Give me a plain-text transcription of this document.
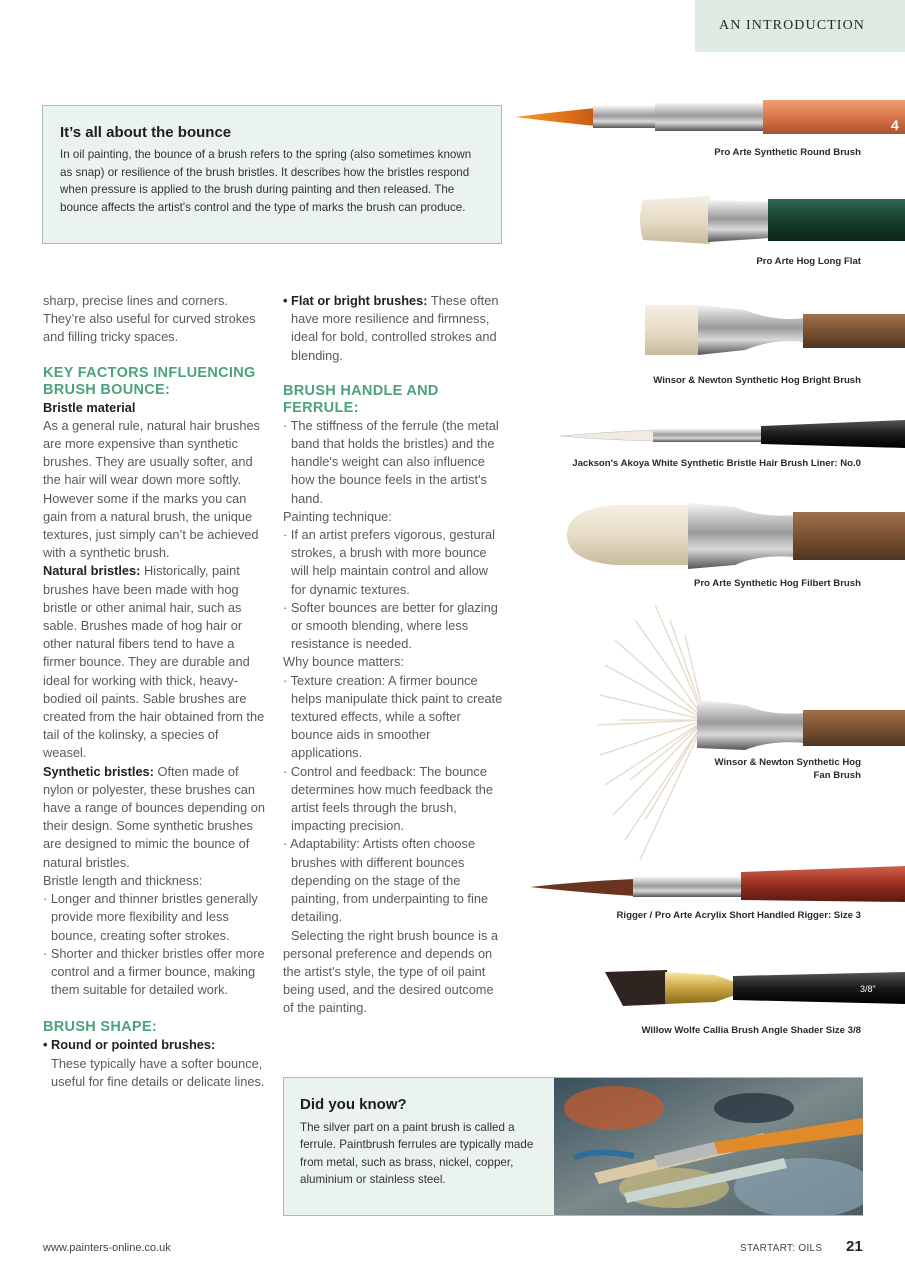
AN INTRODUCTION
It’s all about the bounce

In oil painting, the bounce of a brush refers to the spring (also sometimes known as snap) or resilience of the brush bristles. It describes how the bristles respond when pressure is applied to the brush during painting and then released. The bounce affects the artist's control and the type of marks the brush can produce.

sharp, precise lines and corners. They’re also useful for curved strokes and filling tricky spaces.

KEY FACTORS INFLUENCING BRUSH BOUNCE:

Bristle material

As a general rule, natural hair brushes are more expensive than synthetic brushes. They are usually softer, and the hair will wear down more softly. However some if the marks you can gain from a natural brush, the unique textures, just simply can’t be achieved with a synthetic brush.

Natural bristles: Historically, paint brushes have been made with hog bristle or other animal hair, such as sable. Brushes made of hog hair or other natural fibers tend to have a firmer bounce. They are durable and ideal for working with thick, heavy-bodied oil paints. Sable brushes are created from the hair obtained from the tail of the kolinsky, a species of weasel.

Synthetic bristles: Often made of nylon or polyester, these brushes can have a range of bounces depending on their design. Some synthetic brushes are designed to mimic the bounce of natural bristles.

Bristle length and thickness:

· Longer and thinner bristles generally provide more flexibility and less bounce, creating softer strokes.

· Shorter and thicker bristles offer more control and a firmer bounce, making them suitable for detailed work.

BRUSH SHAPE:

• Round or pointed brushes:

These typically have a softer bounce, useful for fine details or delicate lines.

• Flat or bright brushes: These often have more resilience and firmness, ideal for bold, controlled strokes and blending.

BRUSH HANDLE AND FERRULE:

· The stiffness of the ferrule (the metal band that holds the bristles) and the handle's weight can also influence how the bounce feels in the artist's hand.

Painting technique:

· If an artist prefers vigorous, gestural strokes, a brush with more bounce will help maintain control and allow for dynamic textures.

· Softer bounces are better for glazing or smooth blending, where less resistance is needed.

Why bounce matters:

· Texture creation: A firmer bounce helps manipulate thick paint to create textured effects, while a softer bounce aids in smoother applications.

· Control and feedback: The bounce determines how much feedback the artist feels through the brush, impacting precision.

· Adaptability: Artists often choose brushes with different bounces depending on the stage of the painting, from underpainting to fine detailing.

Selecting the right brush bounce is a personal preference and depends on the artist's style, the type of oil paint being used, and the desired outcome of the painting.

4
3/8"
Pro Arte Synthetic Round Brush
Pro Arte Hog Long Flat
Winsor & Newton Synthetic Hog Bright Brush
Jackson's Akoya White Synthetic Bristle Hair Brush Liner: No.0
Pro Arte Synthetic Hog Filbert Brush
Winsor & Newton Synthetic Hog Fan Brush
Rigger / Pro Arte Acrylix Short Handled Rigger: Size 3
Willow Wolfe Callia Brush Angle Shader Size 3/8
Did you know?

The silver part on a paint brush is called a ferrule. Paintbrush ferrules are typically made from metal, such as brass, nickel, copper, aluminium or stainless steel.

www.painters-online.co.uk	STARTART: OILS 21
